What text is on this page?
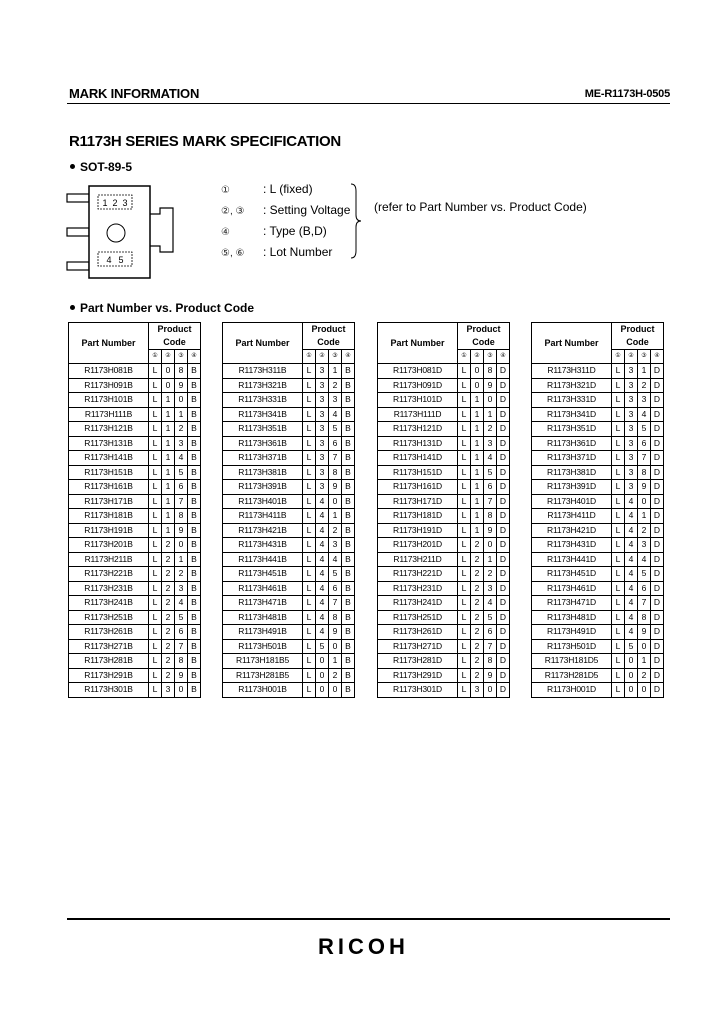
MARK INFORMATION	ME-R1173H-0505
R1173H SERIES MARK SPECIFICATION
SOT-89-5
1 2 3
4 5
①	: L (fixed)
②, ③ : Setting Voltage
④	: Type (B,D)
⑤, ⑥ : Lot Number
(refer to Part Number vs. Product Code)
Part Number vs. Product Code
Part Number	Product Code			
	①	②	③	④
R1173H081B	L	0	8	B
R1173H091B	L	0	9	B
R1173H101B	L	1	0	B
R1173H111B	L	1	1	B
R1173H121B	L	1	2	B
R1173H131B	L	1	3	B
R1173H141B	L	1	4	B
R1173H151B	L	1	5	B
R1173H161B	L	1	6	B
R1173H171B	L	1	7	B
R1173H181B	L	1	8	B
R1173H191B	L	1	9	B
R1173H201B	L	2	0	B
R1173H211B	L	2	1	B
R1173H221B	L	2	2	B
R1173H231B	L	2	3	B
R1173H241B	L	2	4	B
R1173H251B	L	2	5	B
R1173H261B	L	2	6	B
R1173H271B	L	2	7	B
R1173H281B	L	2	8	B
R1173H291B	L	2	9	B
R1173H301B	L	3	0	B
Part Number	Product Code			
	①	②	③	④
R1173H311B	L	3	1	B
R1173H321B	L	3	2	B
R1173H331B	L	3	3	B
R1173H341B	L	3	4	B
R1173H351B	L	3	5	B
R1173H361B	L	3	6	B
R1173H371B	L	3	7	B
R1173H381B	L	3	8	B
R1173H391B	L	3	9	B
R1173H401B	L	4	0	B
R1173H411B	L	4	1	B
R1173H421B	L	4	2	B
R1173H431B	L	4	3	B
R1173H441B	L	4	4	B
R1173H451B	L	4	5	B
R1173H461B	L	4	6	B
R1173H471B	L	4	7	B
R1173H481B	L	4	8	B
R1173H491B	L	4	9	B
R1173H501B	L	5	0	B
R1173H181B5	L	0	1	B
R1173H281B5	L	0	2	B
R1173H001B	L	0	0	B
Part Number	Product Code			
	①	②	③	④
R1173H081D	L	0	8	D
R1173H091D	L	0	9	D
R1173H101D	L	1	0	D
R1173H111D	L	1	1	D
R1173H121D	L	1	2	D
R1173H131D	L	1	3	D
R1173H141D	L	1	4	D
R1173H151D	L	1	5	D
R1173H161D	L	1	6	D
R1173H171D	L	1	7	D
R1173H181D	L	1	8	D
R1173H191D	L	1	9	D
R1173H201D	L	2	0	D
R1173H211D	L	2	1	D
R1173H221D	L	2	2	D
R1173H231D	L	2	3	D
R1173H241D	L	2	4	D
R1173H251D	L	2	5	D
R1173H261D	L	2	6	D
R1173H271D	L	2	7	D
R1173H281D	L	2	8	D
R1173H291D	L	2	9	D
R1173H301D	L	3	0	D
Part Number	Product Code			
	①	②	③	④
R1173H311D	L	3	1	D
R1173H321D	L	3	2	D
R1173H331D	L	3	3	D
R1173H341D	L	3	4	D
R1173H351D	L	3	5	D
R1173H361D	L	3	6	D
R1173H371D	L	3	7	D
R1173H381D	L	3	8	D
R1173H391D	L	3	9	D
R1173H401D	L	4	0	D
R1173H411D	L	4	1	D
R1173H421D	L	4	2	D
R1173H431D	L	4	3	D
R1173H441D	L	4	4	D
R1173H451D	L	4	5	D
R1173H461D	L	4	6	D
R1173H471D	L	4	7	D
R1173H481D	L	4	8	D
R1173H491D	L	4	9	D
R1173H501D	L	5	0	D
R1173H181D5	L	0	1	D
R1173H281D5	L	0	2	D
R1173H001D	L	0	0	D
RICOH
